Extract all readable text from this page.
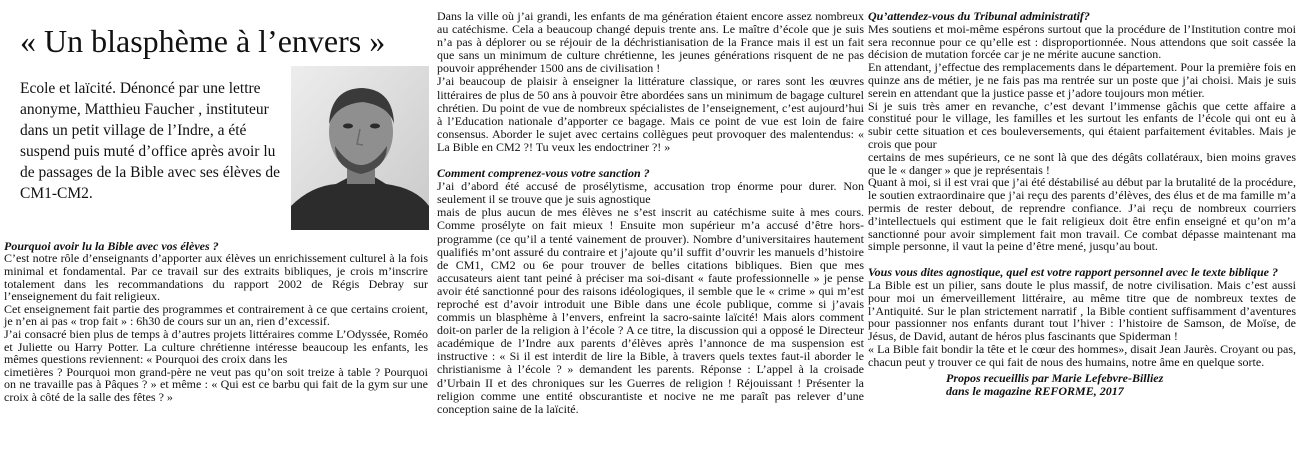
« Un blasphème à l’envers »
Ecole et laïcité. Dénoncé par une lettre anonyme, Matthieu Faucher , instituteur dans un petit village de l’Indre, a été suspend puis muté d’office après avoir lu de passages de la Bible avec ses élèves de CM1-CM2.

Pourquoi avoir lu la Bible avec vos élèves ?

C’est notre rôle d’enseignants d’apporter aux élèves un enrichissement culturel à la fois minimal et fondamental. Par ce travail sur des extraits bibliques, je crois m’inscrire totalement dans les recommandations du rapport 2002 de Régis Debray sur l’enseignement du fait religieux.

Cet enseignement fait partie des programmes et contrairement à ce que certains croient, je n’en ai pas « trop fait » : 6h30 de cours sur un an, rien d’excessif.

J’ai consacré bien plus de temps à d’autres projets littéraires comme L’Odyssée, Roméo et Juliette ou Harry Potter. La culture chrétienne intéresse beaucoup les enfants, les mêmes questions reviennent: « Pourquoi des croix dans les

cimetières ? Pourquoi mon grand-père ne veut pas qu’on soit treize à table ? Pourquoi on ne travaille pas à Pâques ? » et même : « Qui est ce barbu qui fait de la gym sur une croix à côté de la salle des fêtes ? »

Dans la ville où j’ai grandi, les enfants de ma génération étaient encore assez nombreux au catéchisme. Cela a beaucoup changé depuis trente ans. Le maître d’école que je suis n’a pas à déplorer ou se réjouir de la déchristianisation de la France mais il est un fait que sans un minimum de culture chrétienne, les jeunes générations risquent de ne pas pouvoir appréhender 1500 ans de civilisation !

J’ai beaucoup de plaisir à enseigner la littérature classique, or rares sont les œuvres littéraires de plus de 50 ans à pouvoir être abordées sans un minimum de bagage culturel chrétien. Du point de vue de nombreux spécialistes de l’enseignement, c’est aujourd’hui à l’Education nationale d’apporter ce bagage. Mais ce point de vue est loin de faire consensus. Aborder le sujet avec certains collègues peut provoquer des malentendus: « La Bible en CM2 ?! Tu veux les endoctriner ?! »

Comment comprenez-vous votre sanction ?

J’ai d’abord été accusé de prosélytisme, accusation trop énorme pour durer. Non seulement il se trouve que je suis agnostique

mais de plus aucun de mes élèves ne s’est inscrit au catéchisme suite à mes cours. Comme prosélyte on fait mieux ! Ensuite mon supérieur m’a accusé d’être hors-programme (ce qu’il a tenté vainement de prouver). Nombre d’universitaires hautement qualifiés m’ont assuré du contraire et j’ajoute qu’il suffit d’ouvrir les manuels d’histoire de CM1, CM2 ou 6e pour trouver de belles citations bibliques. Bien que mes accusateurs aient tant peiné à préciser ma soi-disant « faute professionnelle » je pense avoir été sanctionné pour des raisons idéologiques, il semble que le « crime » qui m’est reproché est d’avoir introduit une Bible dans une école publique, comme si j’avais commis un blasphème à l’envers, enfreint la sacro-sainte laïcité! Mais alors comment doit-on parler de la religion à l’école ? A ce titre, la discussion qui a opposé le Directeur académique de l’Indre aux parents d’élèves après l’annonce de ma suspension est instructive : « Si il est interdit de lire la Bible, à travers quels textes faut-il aborder le christianisme à l’école ? » demandent les parents. Réponse : L’appel à la croisade d’Urbain II et des chroniques sur les Guerres de religion ! Réjouissant ! Présenter la religion comme une entité obscurantiste et nocive ne me paraît pas relever d’une conception saine de la laïcité.

Qu’attendez-vous du Tribunal administratif?

Mes soutiens et moi-même espérons surtout que la procédure de l’Institution contre moi sera reconnue pour ce qu’elle est : disproportionnée. Nous attendons que soit cassée la décision de mutation forcée car je ne mérite aucune sanction.

En attendant, j’effectue des remplacements dans le département. Pour la première fois en quinze ans de métier, je ne fais pas ma rentrée sur un poste que j’ai choisi. Mais je suis serein en attendant que la justice passe et j’adore toujours mon métier.

Si je suis très amer en revanche, c’est devant l’immense gâchis que cette affaire a constitué pour le village, les familles et les surtout les enfants de l’école qui ont eu à subir cette situation et ces bouleversements, qui étaient parfaitement évitables. Mais je crois que pour

certains de mes supérieurs, ce ne sont là que des dégâts collatéraux, bien moins graves que le « danger » que je représentais !

Quant à moi, si il est vrai que j’ai été déstabilisé au début par la brutalité de la procédure, le soutien extraordinaire que j’ai reçu des parents d’élèves, des élus et de ma famille m’a permis de rester debout, de reprendre confiance. J’ai reçu de nombreux courriers d’intellectuels qui estiment que le fait religieux doit être enfin enseigné et qu’on m’a sanctionné pour avoir simplement fait mon travail. Ce combat dépasse maintenant ma simple personne, il vaut la peine d’être mené, jusqu’au bout.

Vous vous dites agnostique, quel est votre rapport personnel avec le texte biblique ?

La Bible est un pilier, sans doute le plus massif, de notre civilisation. Mais c’est aussi pour moi un émerveillement littéraire, au même titre que de nombreux textes de l’Antiquité. Sur le plan strictement narratif , la Bible contient suffisamment d’aventures pour passionner nos enfants durant tout l’hiver : l’histoire de Samson, de Moïse, de Jésus, de David, autant de héros plus fascinants que Spiderman !

« La Bible fait bondir la tête et le cœur des hommes», disait Jean Jaurès. Croyant ou pas, chacun peut y trouver ce qui fait de nous des humains, notre âme en quelque sorte.

Propos recueillis par Marie Lefebvre-Billiez
dans le magazine REFORME, 2017
